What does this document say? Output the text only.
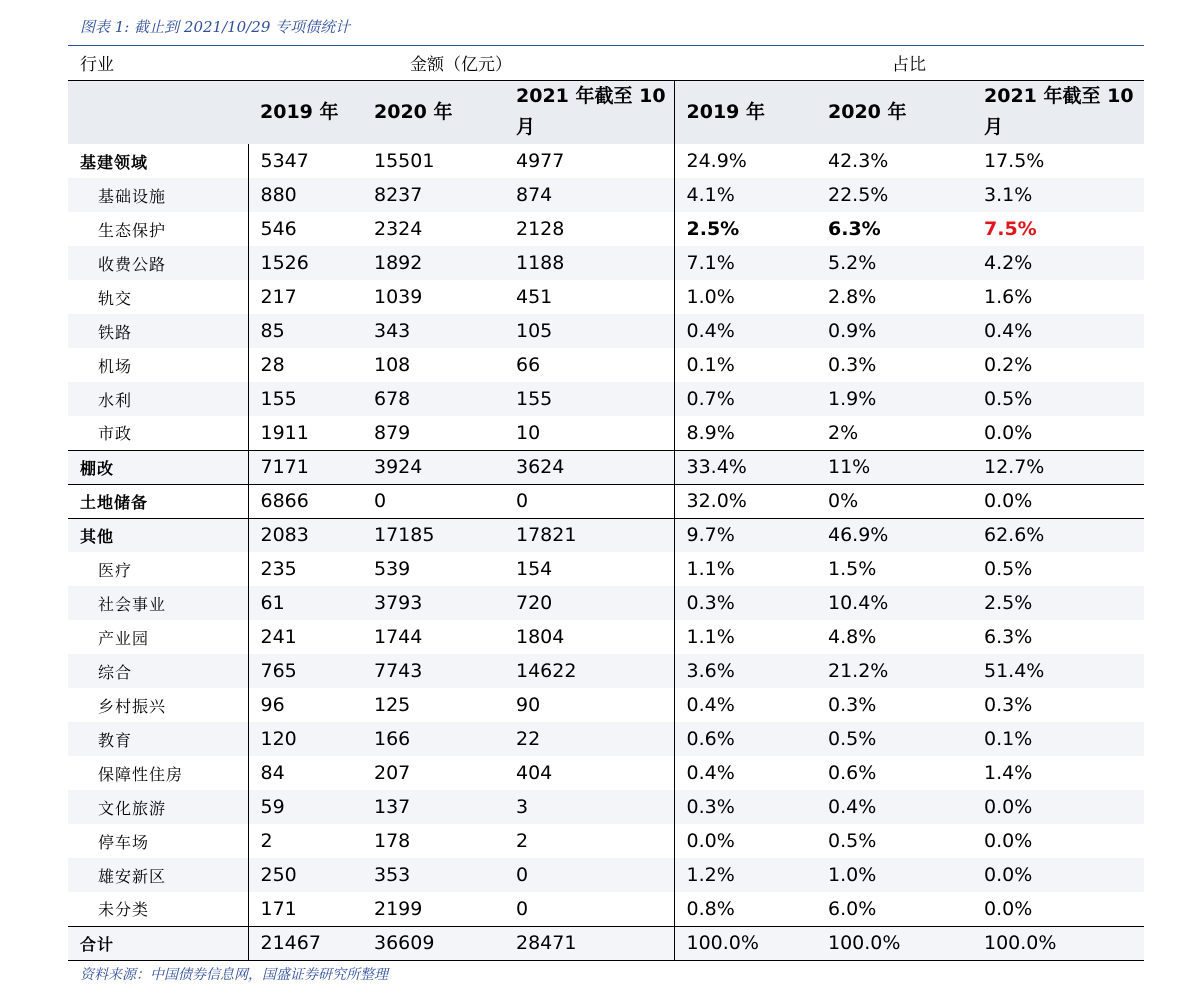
图表 1: 截止到 2021/10/29 专项债统计
行业	金额（亿元）			占比		
	2019 年	2020 年	2021 年截至 10 月	2019 年	2020 年	2021 年截至 10 月
基建领域	5347	15501	4977	24.9%	42.3%	17.5%
基础设施	880	8237	874	4.1%	22.5%	3.1%
生态保护	546	2324	2128	2.5%	6.3%	7.5%
收费公路	1526	1892	1188	7.1%	5.2%	4.2%
轨交	217	1039	451	1.0%	2.8%	1.6%
铁路	85	343	105	0.4%	0.9%	0.4%
机场	28	108	66	0.1%	0.3%	0.2%
水利	155	678	155	0.7%	1.9%	0.5%
市政	1911	879	10	8.9%	2%	0.0%
棚改	7171	3924	3624	33.4%	11%	12.7%
土地储备	6866	0	0	32.0%	0%	0.0%
其他	2083	17185	17821	9.7%	46.9%	62.6%
医疗	235	539	154	1.1%	1.5%	0.5%
社会事业	61	3793	720	0.3%	10.4%	2.5%
产业园	241	1744	1804	1.1%	4.8%	6.3%
综合	765	7743	14622	3.6%	21.2%	51.4%
乡村振兴	96	125	90	0.4%	0.3%	0.3%
教育	120	166	22	0.6%	0.5%	0.1%
保障性住房	84	207	404	0.4%	0.6%	1.4%
文化旅游	59	137	3	0.3%	0.4%	0.0%
停车场	2	178	2	0.0%	0.5%	0.0%
雄安新区	250	353	0	1.2%	1.0%	0.0%
未分类	171	2199	0	0.8%	6.0%	0.0%
合计	21467	36609	28471	100.0%	100.0%	100.0%
资料来源：中国债券信息网，国盛证券研究所整理
